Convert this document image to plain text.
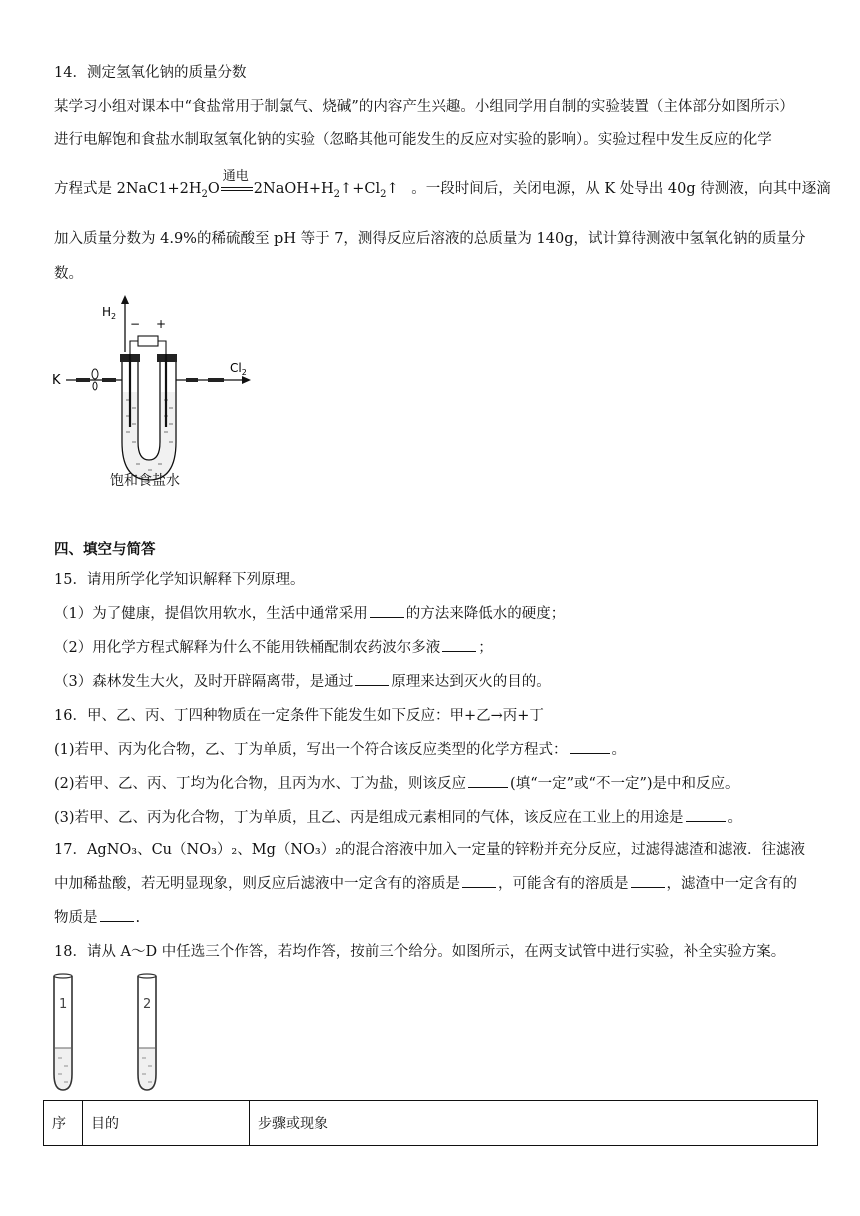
14．测定氢氧化钠的质量分数
某学习小组对课本中“食盐常用于制氯气、烧碱”的内容产生兴趣。小组同学用自制的实验装置（主体部分如图所示）
进行电解饱和食盐水制取氢氧化钠的实验（忽略其他可能发生的反应对实验的影响）。实验过程中发生反应的化学
方程式是 $2NaC1+2H_2O$
通电
$2NaOH+H_2↑+Cl_2↑$ 。一段时间后，关闭电源，从 K 处导出 40g 待测液，向其中逐滴
加入质量分数为 4.9%的稀硫酸至 pH 等于 7，测得反应后溶液的总质量为 140g，试计算待测液中氢氧化钠的质量分
数。
$H_2$
− +
K
$Cl_2$
饱和食盐水
四、填空与简答
15．请用所学化学知识解释下列原理。
（1）为了健康，提倡饮用软水，生活中通常采用	的方法来降低水的硬度；
（2）用化学方程式解释为什么不能用铁桶配制农药波尔多液	；
（3）森林发生大火，及时开辟隔离带，是通过	原理来达到灭火的目的。
16．甲、乙、丙、丁四种物质在一定条件下能发生如下反应：甲+乙→丙+丁
(1)若甲、丙为化合物，乙、丁为单质，写出一个符合该反应类型的化学方程式：	。
(2)若甲、乙、丙、丁均为化合物，且丙为水、丁为盐，则该反应	(填“一定”或“不一定”)是中和反应。
(3)若甲、乙、丙为化合物，丁为单质，且乙、丙是组成元素相同的气体，该反应在工业上的用途是	。
17．AgNO₃、Cu（NO₃）₂、Mg（NO₃）₂的混合溶液中加入一定量的锌粉并充分反应，过滤得滤渣和滤液．往滤液
中加稀盐酸，若无明显现象，则反应后滤液中一定含有的溶质是	，可能含有的溶质是	，滤渣中一定含有的
物质是	.
18．请从 A～D 中任选三个作答，若均作答，按前三个给分。如图所示，在两支试管中进行实验，补全实验方案。
1	2
序	目的	步骤或现象
